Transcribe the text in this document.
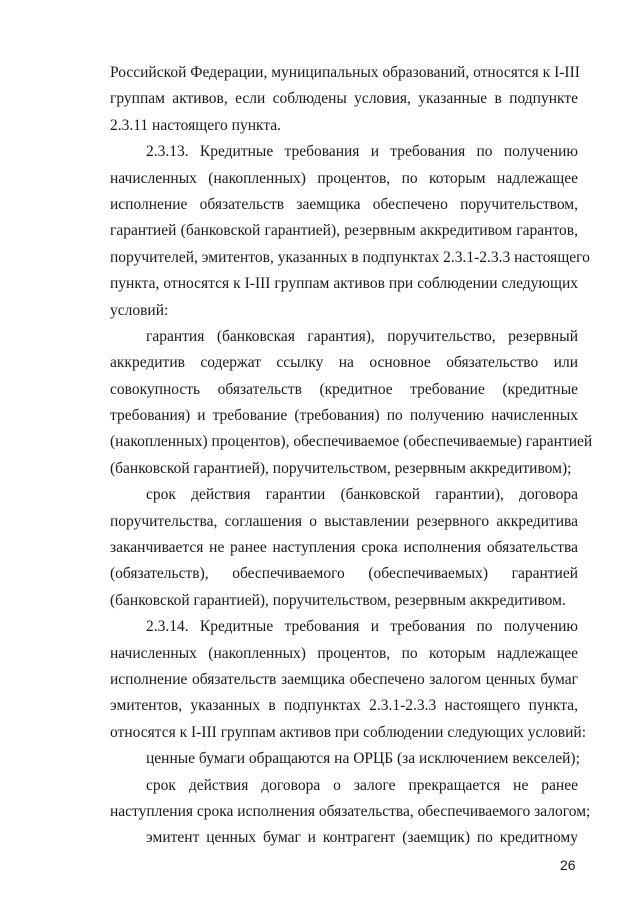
Российской Федерации, муниципальных образований, относятся к I-III
группам активов, если соблюдены условия, указанные в подпункте
2.3.11 настоящего пункта.
2.3.13. Кредитные требования и требования по получению
начисленных (накопленных) процентов, по которым надлежащее
исполнение обязательств заемщика обеспечено поручительством,
гарантией (банковской гарантией), резервным аккредитивом гарантов,
поручителей, эмитентов, указанных в подпунктах 2.3.1-2.3.3 настоящего
пункта, относятся к I-III группам активов при соблюдении следующих
условий:
гарантия (банковская гарантия), поручительство, резервный
аккредитив содержат ссылку на основное обязательство или
совокупность обязательств (кредитное требование (кредитные
требования) и требование (требования) по получению начисленных
(накопленных) процентов), обеспечиваемое (обеспечиваемые) гарантией
(банковской гарантией), поручительством, резервным аккредитивом);
срок действия гарантии (банковской гарантии), договора
поручительства, соглашения о выставлении резервного аккредитива
заканчивается не ранее наступления срока исполнения обязательства
(обязательств), обеспечиваемого (обеспечиваемых) гарантией
(банковской гарантией), поручительством, резервным аккредитивом.
2.3.14. Кредитные требования и требования по получению
начисленных (накопленных) процентов, по которым надлежащее
исполнение обязательств заемщика обеспечено залогом ценных бумаг
эмитентов, указанных в подпунктах 2.3.1-2.3.3 настоящего пункта,
относятся к I-III группам активов при соблюдении следующих условий:
ценные бумаги обращаются на ОРЦБ (за исключением векселей);
срок действия договора о залоге прекращается не ранее
наступления срока исполнения обязательства, обеспечиваемого залогом;
эмитент ценных бумаг и контрагент (заемщик) по кредитному
26
